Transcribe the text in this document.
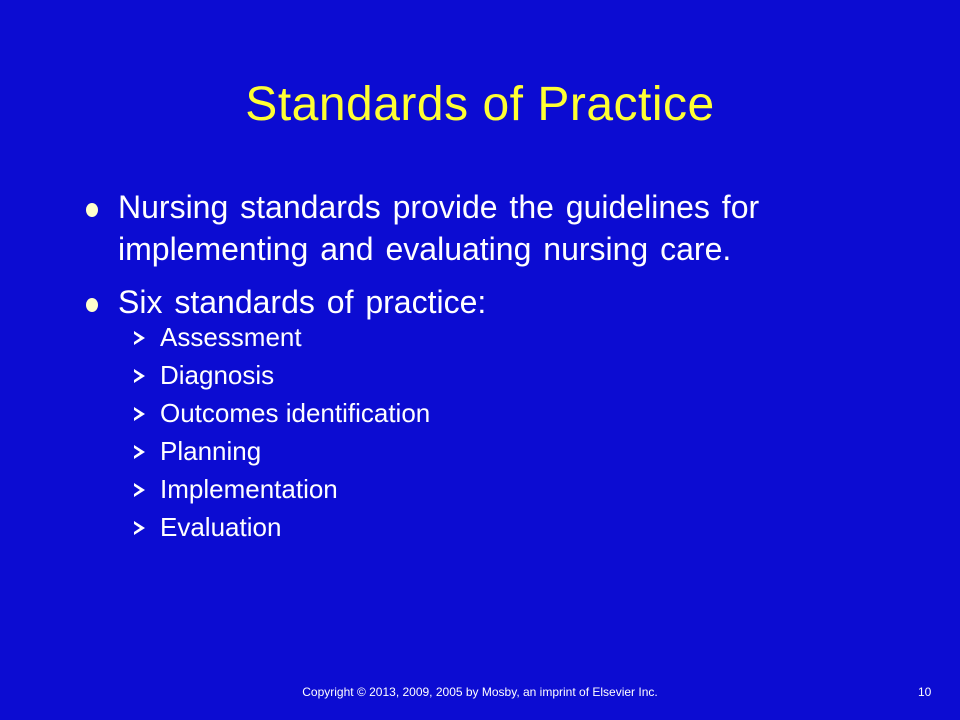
Standards of Practice
Nursing standards provide the guidelines for implementing and evaluating nursing care.
Six standards of practice:
Assessment
Diagnosis
Outcomes identification
Planning
Implementation
Evaluation
Copyright © 2013, 2009, 2005 by Mosby, an imprint of Elsevier Inc.	10
